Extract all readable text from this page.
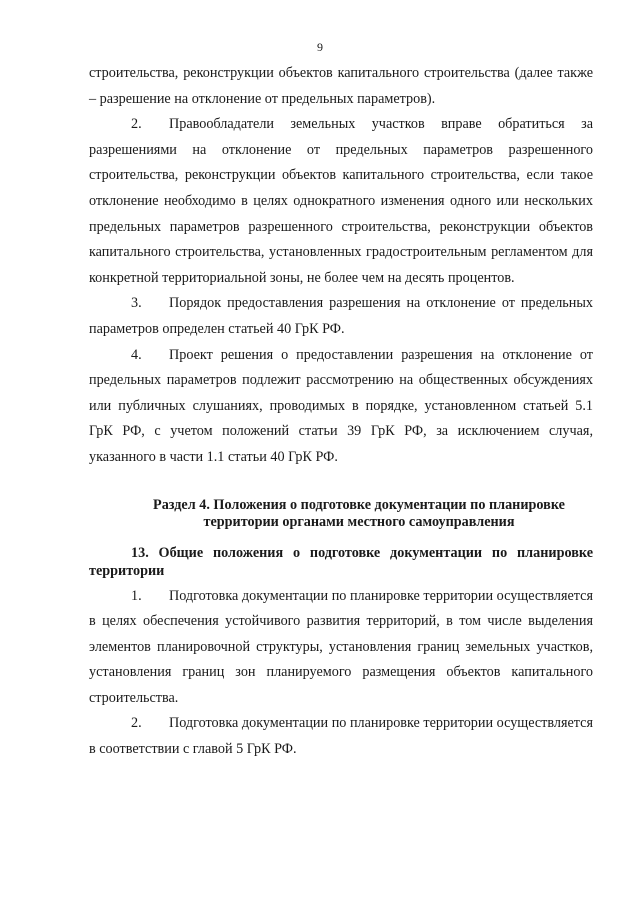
9

строительства, реконструкции объектов капитального строительства (далее также – разрешение на отклонение от предельных параметров).

2. Правообладатели земельных участков вправе обратиться за разрешениями на отклонение от предельных параметров разрешенного строительства, реконструкции объектов капитального строительства, если такое отклонение необходимо в целях однократного изменения одного или нескольких предельных параметров разрешенного строительства, реконструкции объектов капитального строительства, установленных градостроительным регламентом для конкретной территориальной зоны, не более чем на десять процентов.

3. Порядок предоставления разрешения на отклонение от предельных параметров определен статьей 40 ГрК РФ.

4. Проект решения о предоставлении разрешения на отклонение от предельных параметров подлежит рассмотрению на общественных обсуждениях или публичных слушаниях, проводимых в порядке, установленном статьей 5.1 ГрК РФ, с учетом положений статьи 39 ГрК РФ, за исключением случая, указанного в части 1.1 статьи 40 ГрК РФ.

Раздел 4. Положения о подготовке документации по планировке территории органами местного самоуправления

13. Общие положения о подготовке документации по планировке территории

1. Подготовка документации по планировке территории осуществляется в целях обеспечения устойчивого развития территорий, в том числе выделения элементов планировочной структуры, установления границ земельных участков, установления границ зон планируемого размещения объектов капитального строительства.

2. Подготовка документации по планировке территории осуществляется в соответствии с главой 5 ГрК РФ.
